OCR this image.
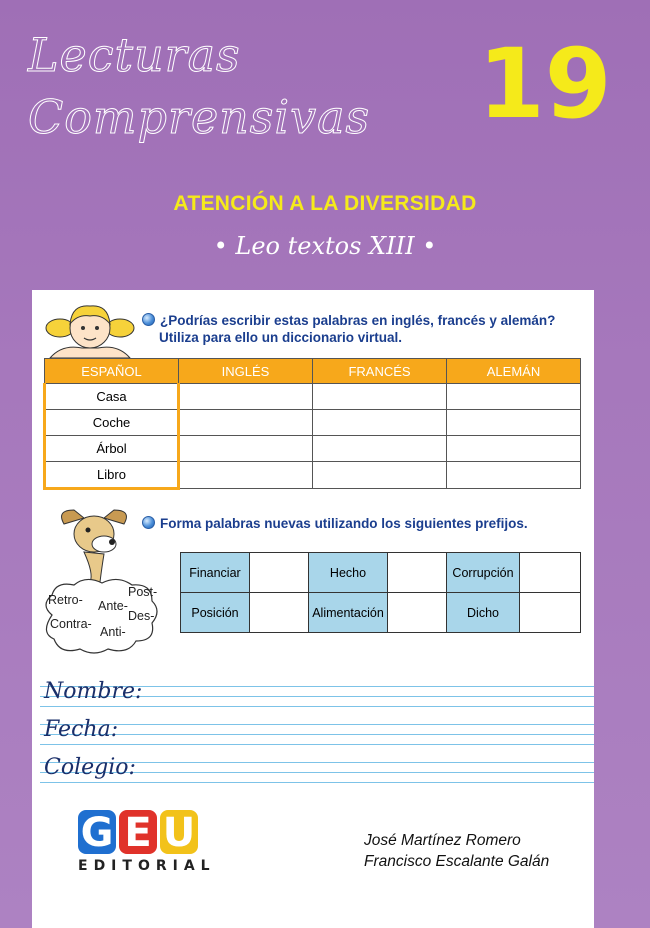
Lecturas
Comprensivas 19
ATENCIÓN A LA DIVERSIDAD
• Leo textos XIII •
¿Podrías escribir estas palabras en inglés, francés y alemán?
Utiliza para ello un diccionario virtual.
ESPAÑOL	INGLÉS	FRANCÉS	ALEMÁN
Casa			
Coche			
Árbol			
Libro			
Post-
Retro- Ante-
Des-
Contra-
Anti-
Forma palabras nuevas utilizando los siguientes prefijos.
Financiar		Hecho		Corrupción	
Posición		Alimentación		Dicho	
Nombre:
Fecha:
Colegio:
G E U
EDITORIAL
José Martínez Romero
Francisco Escalante Galán
